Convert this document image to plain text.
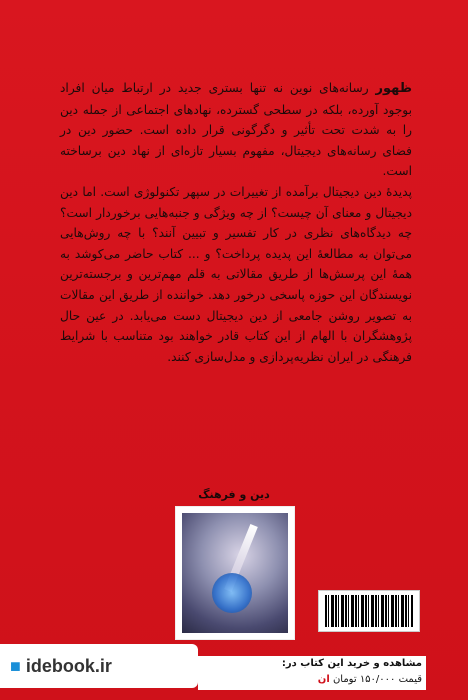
ظهور رسانه‌های نوین نه تنها بستری جدید در ارتباط میان افراد بوجود آورده، بلکه در سطحی گسترده، نهادهای اجتماعی از جمله دین را به شدت تحت تأثیر و دگرگونی قرار داده است. حضور دین در فضای رسانه‌های دیجیتال، مفهوم بسیار تازه‌ای از نهاد دین برساخته است.

پدیدهٔ دین دیجیتال برآمده از تغییرات در سپهر تکنولوژی است. اما دین دیجیتال و معنای آن چیست؟ از چه ویژگی و جنبه‌هایی برخوردار است؟ چه دیدگاه‌های نظری در کار تفسیر و تبیین آنند؟ با چه روش‌هایی می‌توان به مطالعهٔ این پدیده پرداخت؟ و ... کتاب حاضر می‌کوشد به همهٔ این پرسش‌ها از طریق مقالاتی به قلم مهم‌ترین و برجسته‌ترین نویسندگان این حوزه پاسخی درخور دهد. خواننده از طریق این مقالات به تصویر روشن جامعی از دین دیجیتال دست می‌یابد. در عین حال پژوهشگران با الهام از این کتاب قادر خواهند بود متناسب با شرایط فرهنگی در ایران نظریه‌پردازی و مدل‌سازی کنند.

دین و فرهنگ
■ idebook.ir	مشاهده و خرید این کتاب در:
قیمت ۱۵۰/۰۰۰ تومان ان
